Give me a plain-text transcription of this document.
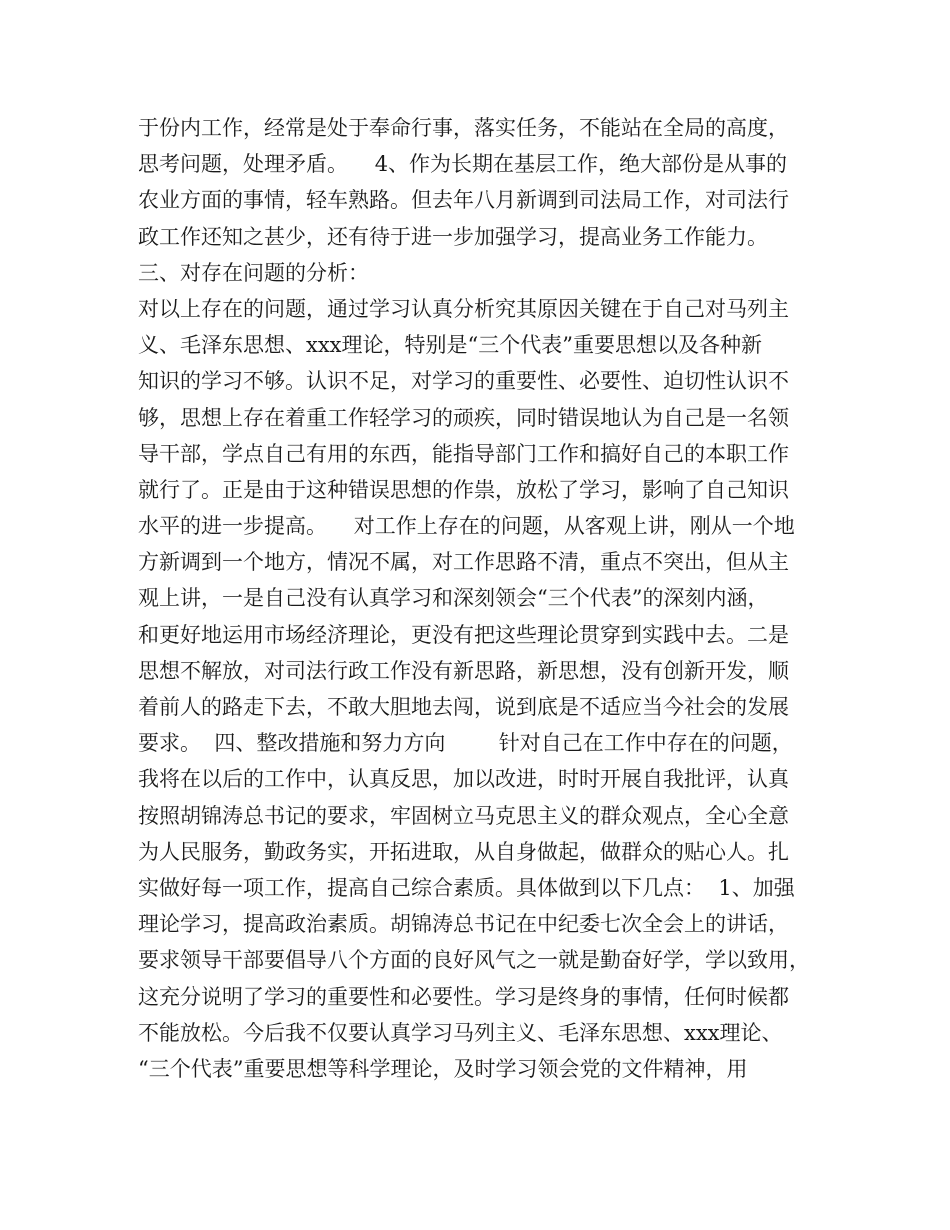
于份内工作，经常是处于奉命行事，落实任务，不能站在全局的高度，

思考问题，处理矛盾。    4、作为长期在基层工作，绝大部份是从事的

农业方面的事情，轻车熟路。但去年八月新调到司法局工作，对司法行

政工作还知之甚少，还有待于进一步加强学习，提高业务工作能力。

三、对存在问题的分析：

对以上存在的问题，通过学习认真分析究其原因关键在于自己对马列主

义、毛泽东思想、xxx理论，特别是“三个代表”重要思想以及各种新

知识的学习不够。认识不足，对学习的重要性、必要性、迫切性认识不

够，思想上存在着重工作轻学习的顽疾，同时错误地认为自己是一名领

导干部，学点自己有用的东西，能指导部门工作和搞好自己的本职工作

就行了。正是由于这种错误思想的作祟，放松了学习，影响了自己知识

水平的进一步提高。    对工作上存在的问题，从客观上讲，刚从一个地

方新调到一个地方，情况不属，对工作思路不清，重点不突出，但从主

观上讲，一是自己没有认真学习和深刻领会“三个代表”的深刻内涵，

和更好地运用市场经济理论，更没有把这些理论贯穿到实践中去。二是

思想不解放，对司法行政工作没有新思路，新思想，没有创新开发，顺

着前人的路走下去，不敢大胆地去闯，说到底是不适应当今社会的发展

要求。  四、整改措施和努力方向        针对自己在工作中存在的问题，

我将在以后的工作中，认真反思，加以改进，时时开展自我批评，认真

按照胡锦涛总书记的要求，牢固树立马克思主义的群众观点，全心全意

为人民服务，勤政务实，开拓进取，从自身做起，做群众的贴心人。扎

实做好每一项工作，提高自己综合素质。具体做到以下几点：  1、加强

理论学习，提高政治素质。胡锦涛总书记在中纪委七次全会上的讲话，

要求领导干部要倡导八个方面的良好风气之一就是勤奋好学，学以致用，

这充分说明了学习的重要性和必要性。学习是终身的事情，任何时候都

不能放松。今后我不仅要认真学习马列主义、毛泽东思想、xxx理论、

“三个代表”重要思想等科学理论，及时学习领会党的文件精神，用
